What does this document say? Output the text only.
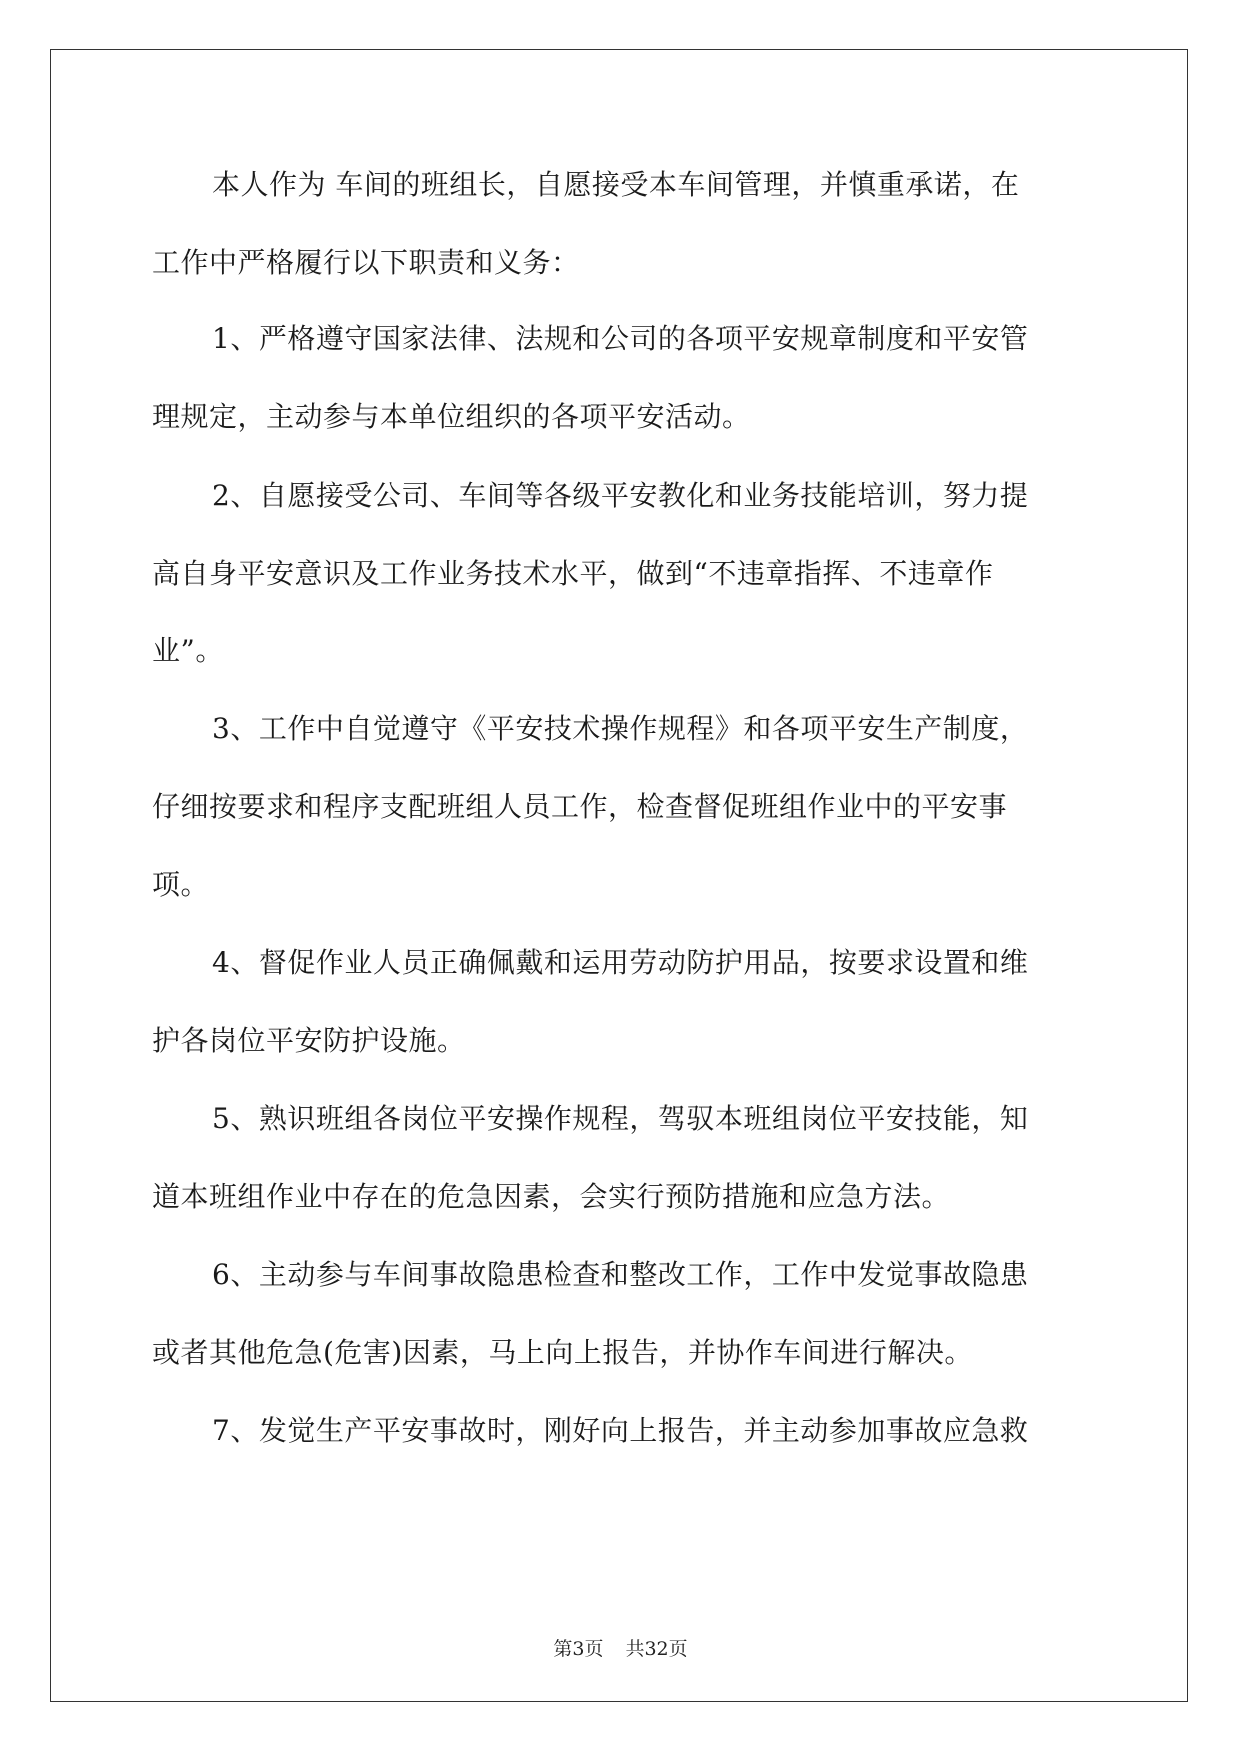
本人作为 车间的班组长，自愿接受本车间管理，并慎重承诺，在
工作中严格履行以下职责和义务：
1、严格遵守国家法律、法规和公司的各项平安规章制度和平安管
理规定，主动参与本单位组织的各项平安活动。
2、自愿接受公司、车间等各级平安教化和业务技能培训，努力提
高自身平安意识及工作业务技术水平，做到“不违章指挥、不违章作
业”。
3、工作中自觉遵守《平安技术操作规程》和各项平安生产制度，
仔细按要求和程序支配班组人员工作，检查督促班组作业中的平安事
项。
4、督促作业人员正确佩戴和运用劳动防护用品，按要求设置和维
护各岗位平安防护设施。
5、熟识班组各岗位平安操作规程，驾驭本班组岗位平安技能，知
道本班组作业中存在的危急因素，会实行预防措施和应急方法。
6、主动参与车间事故隐患检查和整改工作，工作中发觉事故隐患
或者其他危急(危害)因素，马上向上报告，并协作车间进行解决。
7、发觉生产平安事故时，刚好向上报告，并主动参加事故应急救
第3页 共32页
